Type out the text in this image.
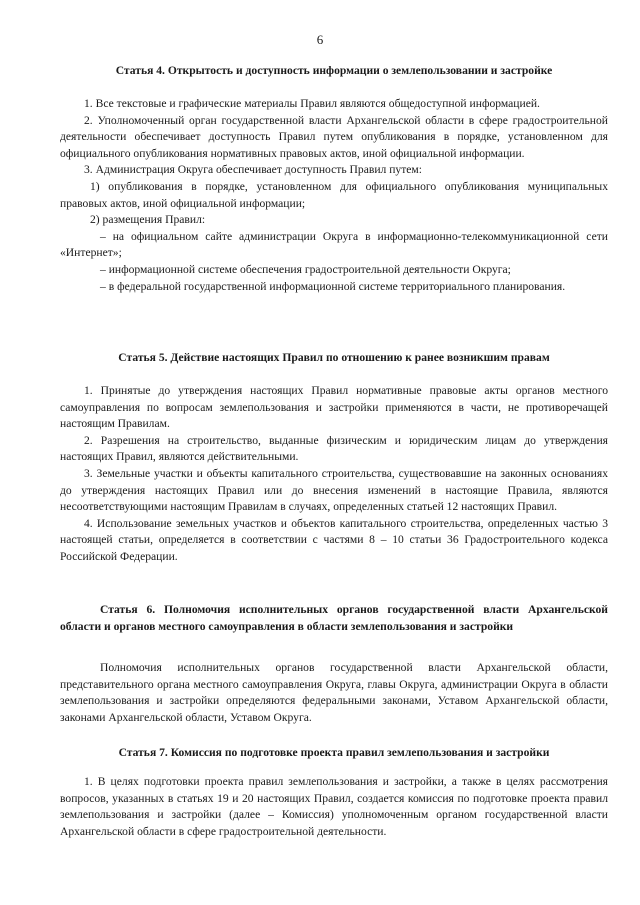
6
Статья 4. Открытость и доступность информации о землепользовании и застройке

1. Все текстовые и графические материалы Правил являются общедоступной информацией.

2. Уполномоченный орган государственной власти Архангельской области в сфере градостроительной деятельности обеспечивает доступность Правил путем опубликования в порядке, установленном для официального опубликования нормативных правовых актов, иной официальной информации.

3. Администрация Округа обеспечивает доступность Правил путем:

1) опубликования в порядке, установленном для официального опубликования муниципальных правовых актов, иной официальной информации;

2) размещения Правил:

– на официальном сайте администрации Округа в информационно-телекоммуникационной сети «Интернет»;

– информационной системе обеспечения градостроительной деятельности Округа;

– в федеральной государственной информационной системе территориального планирования.

Статья 5. Действие настоящих Правил по отношению к ранее возникшим правам

1. Принятые до утверждения настоящих Правил нормативные правовые акты органов местного самоуправления по вопросам землепользования и застройки применяются в части, не противоречащей настоящим Правилам.

2. Разрешения на строительство, выданные физическим и юридическим лицам до утверждения настоящих Правил, являются действительными.

3. Земельные участки и объекты капитального строительства, существовавшие на законных основаниях до утверждения настоящих Правил или до внесения изменений в настоящие Правила, являются несоответствующими настоящим Правилам в случаях, определенных статьей 12 настоящих Правил.

4. Использование земельных участков и объектов капитального строительства, определенных частью 3 настоящей статьи, определяется в соответствии с частями 8 – 10 статьи 36 Градостроительного кодекса Российской Федерации.

Статья 6. Полномочия исполнительных органов государственной власти Архангельской области и органов местного самоуправления в области землепользования и застройки

Полномочия исполнительных органов государственной власти Архангельской области, представительного органа местного самоуправления Округа, главы Округа, администрации Округа в области землепользования и застройки определяются федеральными законами, Уставом Архангельской области, законами Архангельской области, Уставом Округа.

Статья 7. Комиссия по подготовке проекта правил землепользования и застройки

1. В целях подготовки проекта правил землепользования и застройки, а также в целях рассмотрения вопросов, указанных в статьях 19 и 20 настоящих Правил, создается комиссия по подготовке проекта правил землепользования и застройки (далее – Комиссия) уполномоченным органом государственной власти Архангельской области в сфере градостроительной деятельности.
